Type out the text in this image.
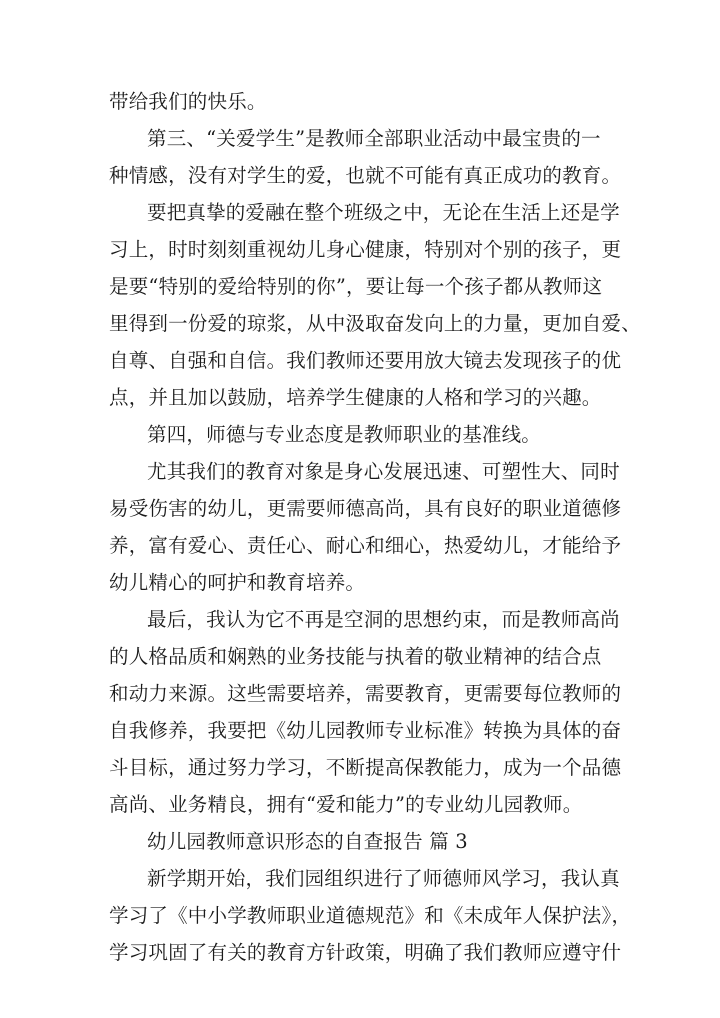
带给我们的快乐。
第三、“关爱学生”是教师全部职业活动中最宝贵的一
种情感，没有对学生的爱，也就不可能有真正成功的教育。
要把真挚的爱融在整个班级之中，无论在生活上还是学
习上，时时刻刻重视幼儿身心健康，特别对个别的孩子，更
是要“特别的爱给特别的你”，要让每一个孩子都从教师这
里得到一份爱的琼浆，从中汲取奋发向上的力量，更加自爱、
自尊、自强和自信。我们教师还要用放大镜去发现孩子的优
点，并且加以鼓励，培养学生健康的人格和学习的兴趣。
第四，师德与专业态度是教师职业的基准线。
尤其我们的教育对象是身心发展迅速、可塑性大、同时
易受伤害的幼儿，更需要师德高尚，具有良好的职业道德修
养，富有爱心、责任心、耐心和细心，热爱幼儿，才能给予
幼儿精心的呵护和教育培养。
最后，我认为它不再是空洞的思想约束，而是教师高尚
的人格品质和娴熟的业务技能与执着的敬业精神的结合点
和动力来源。这些需要培养，需要教育，更需要每位教师的
自我修养，我要把《幼儿园教师专业标准》转换为具体的奋
斗目标，通过努力学习，不断提高保教能力，成为一个品德
高尚、业务精良，拥有“爱和能力”的专业幼儿园教师。
幼儿园教师意识形态的自查报告 篇 3
新学期开始，我们园组织进行了师德师风学习，我认真
学习了《中小学教师职业道德规范》和《未成年人保护法》，
学习巩固了有关的教育方针政策，明确了我们教师应遵守什
